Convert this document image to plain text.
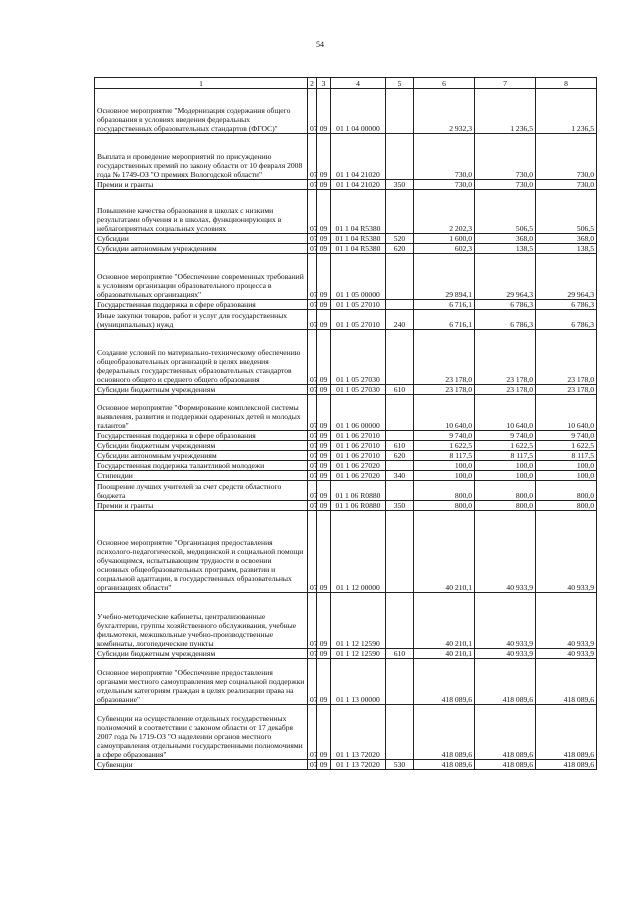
54
1	2	3	4	5	6	7	8
Основное мероприятие "Модернизация содержания общего образования в условиях введения федеральных государственных образовательных стандартов (ФГОС)"	07	09	01 1 04 00000		2 932,3	1 236,5	1 236,5
Выплата и проведение мероприятий по присуждению государственных премий по закону области от 10 февраля 2008 года № 1749-ОЗ "О премиях Вологодской области"	07	09	01 1 04 21020		730,0	730,0	730,0
Премии и гранты	07	09	01 1 04 21020	350	730,0	730,0	730,0
Повышение качества образования в школах с низкими результатами обучения и в школах, функционирующих в неблагоприятных социальных условиях	07	09	01 1 04 R5380		2 202,3	506,5	506,5
Субсидии	07	09	01 1 04 R5380	520	1 600,0	368,0	368,0
Субсидии автономным учреждениям	07	09	01 1 04 R5380	620	602,3	138,5	138,5
Основное мероприятие "Обеспечение современных требований к условиям организации образовательного процесса в образовательных организациях"	07	09	01 1 05 00000		29 894,1	29 964,3	29 964,3
Государственная поддержка в сфере образования	07	09	01 1 05 27010		6 716,1	6 786,3	6 786,3
Иные закупки товаров, работ и услуг для государственных (муниципальных) нужд	07	09	01 1 05 27010	240	6 716,1	6 786,3	6 786,3
Создание условий по материально-техническому обеспечению общеобразовательных организаций в целях введения федеральных государственных образовательных стандартов основного общего и среднего общего образования	07	09	01 1 05 27030		23 178,0	23 178,0	23 178,0
Субсидии бюджетным учреждениям	07	09	01 1 05 27030	610	23 178,0	23 178,0	23 178,0
Основное мероприятие "Формирование комплексной системы выявления, развития и поддержки одаренных детей и молодых талантов"	07	09	01 1 06 00000		10 640,0	10 640,0	10 640,0
Государственная поддержка в сфере образования	07	09	01 1 06 27010		9 740,0	9 740,0	9 740,0
Субсидии бюджетным учреждениям	07	09	01 1 06 27010	610	1 622,5	1 622,5	1 622,5
Субсидии автономным учреждениям	07	09	01 1 06 27010	620	8 117,5	8 117,5	8 117,5
Государственная поддержка талантливой молодежи	07	09	01 1 06 27020		100,0	100,0	100,0
Стипендии	07	09	01 1 06 27020	340	100,0	100,0	100,0
Поощрение лучших учителей за счет средств областного бюджета	07	09	01 1 06 R0880		800,0	800,0	800,0
Премии и гранты	07	09	01 1 06 R0880	350	800,0	800,0	800,0
Основное мероприятие "Организация предоставления психолого-педагогической, медицинской и социальной помощи обучающимся, испытывающим трудности в освоении основных общеобразовательных программ, развитии и социальной адаптации, в государственных образовательных организациях области"	07	09	01 1 12 00000		40 210,1	40 933,9	40 933,9
Учебно-методические кабинеты, централизованные бухгалтерии, группы хозяйственного обслуживания, учебные фильмотеки, межшкольные учебно-производственные комбинаты, логопедические пункты	07	09	01 1 12 12590		40 210,1	40 933,9	40 933,9
Субсидии бюджетным учреждениям	07	09	01 1 12 12590	610	40 210,1	40 933,9	40 933,9
Основное мероприятие "Обеспечение предоставления органами местного самоуправления мер социальной поддержки отдельным категориям граждан в целях реализации права на образование"	07	09	01 1 13 00000		418 089,6	418 089,6	418 089,6
Субвенции на осуществление отдельных государственных полномочий в соответствии с законом области от 17 декабря 2007 года № 1719-ОЗ "О наделении органов местного самоуправления отдельными государственными полномочиями в сфере образования"	07	09	01 1 13 72020		418 089,6	418 089,6	418 089,6
Субвенции	07	09	01 1 13 72020	530	418 089,6	418 089,6	418 089,6
